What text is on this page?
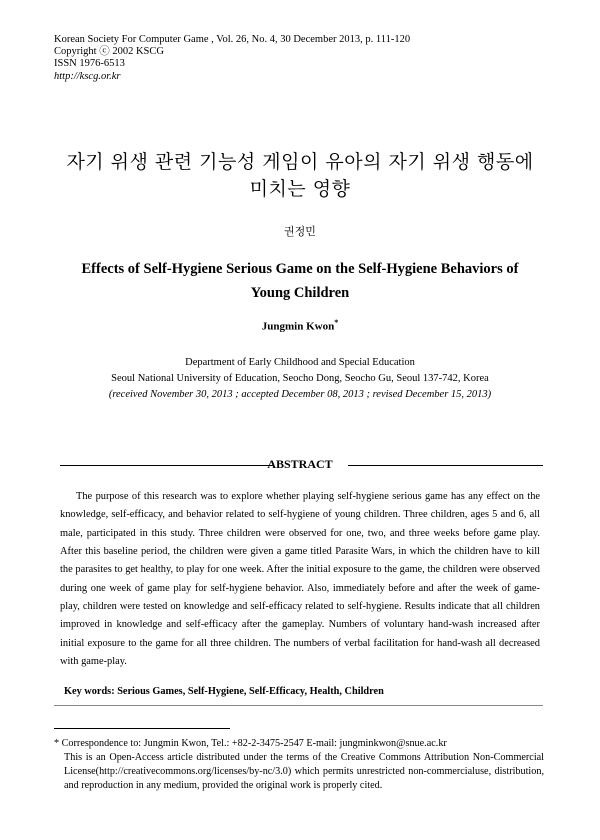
Korean Society For Computer Game , Vol. 26, No. 4, 30 December 2013, p. 111-120
Copyright ⓒ 2002 KSCG
ISSN 1976-6513
http://kscg.or.kr
자기 위생 관련 기능성 게임이 유아의 자기 위생 행동에
미치는 영향
권정민
Effects of Self-Hygiene Serious Game on the Self-Hygiene Behaviors of
Young Children
Jungmin Kwon*
Department of Early Childhood and Special Education
Seoul National University of Education, Seocho Dong, Seocho Gu, Seoul 137-742, Korea
(received November 30, 2013 ; accepted December 08, 2013 ; revised December 15, 2013)
ABSTRACT
The purpose of this research was to explore whether playing self-hygiene serious game has any effect on the knowledge, self-efficacy, and behavior related to self-hygiene of young children. Three children, ages 5 and 6, all male, participated in this study. Three children were observed for one, two, and three weeks before game play. After this baseline period, the children were given a game titled Parasite Wars, in which the children have to kill the parasites to get healthy, to play for one week. After the initial exposure to the game, the children were observed during one week of game play for self-hygiene behavior. Also, immediately before and after the week of game-play, children were tested on knowledge and self-efficacy related to self-hygiene. Results indicate that all children improved in knowledge and self-efficacy after the gameplay. Numbers of voluntary hand-wash increased after initial exposure to the game for all three children. The numbers of verbal facilitation for hand-wash all decreased with game-play.
Key words: Serious Games, Self-Hygiene, Self-Efficacy, Health, Children
* Correspondence to: Jungmin Kwon, Tel.: +82-2-3475-2547 E-mail: jungminkwon@snue.ac.kr
This is an Open-Access article distributed under the terms of the Creative Commons Attribution Non-Commercial License(http://creativecommons.org/licenses/by-nc/3.0) which permits unrestricted non-commercialuse, distribution, and reproduction in any medium, provided the original work is properly cited.
